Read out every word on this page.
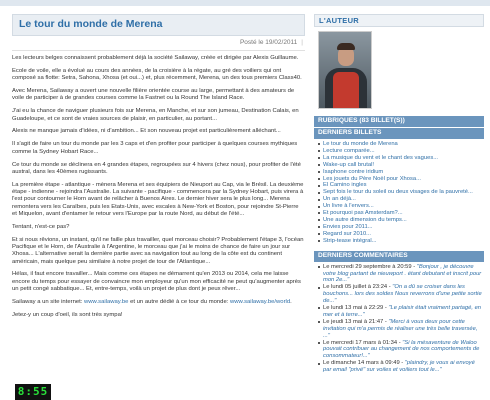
Le tour du monde de Merena
Posté le 19/02/2011 |

Les lecteurs belges connaissent probablement déjà la société Sailaway, créée et dirigée par Alexis Guillaume.

Ecole de voile, elle a évolué au cours des années, de la croisière à la régate, au gré des voiliers qui ont composé sa flotte: Setra, Sahona, Xhosa (et oui...) et, plus récemment, Merena, un des tous premiers Class40.

Avec Merena, Sailaway a ouvert une nouvelle filière orientée course au large, permettant à des amateurs de voile de participer à de grandes courses comme la Fastnet ou la Round The Island Race.

J'ai eu la chance de naviguer plusieurs fois sur Merena, en Manche, et sur son jumeau, Destination Calais, en Guadeloupe, et ce sont de vraies sources de plaisir, en particulier, au portant...

Alexis ne manque jamais d'idées, ni d'ambition... Et son nouveau projet est particulièrement alléchant...

Il s'agit de faire un tour du monde par les 3 caps et d'en profiter pour participer à quelques courses mythiques comme la Sydney Hobart Race...

Ce tour du monde se déclinera en 4 grandes étapes, regroupées sur 4 hivers (chez nous), pour profiter de l'été austral, dans les 40èmes rugissants.

La première étape - atlantique - mènera Merena et ses équipiers de Nieuport au Cap, via le Brésil. La deuxième étape - indienne - rejoindra l'Australie. La suivante - pacifique - commencera par la Sydney Hobart, puis virera à l'est pour contourner le Horn avant de relâcher à Buenos Aires. Le dernier hiver sera le plus long... Merena remontera vers les Caraïbes, puis les Etats-Unis, avec escales à New-York et Boston, pour rejoindre St-Pierre et Miquelon, avant d'entamer le retour vers l'Europe par la route Nord, au début de l'été...

Tentant, n'est-ce pas?

Et si nous rêvions, un instant, qu'il ne faille plus travailler, quel morceau choisir? Probablement l'étape 3, l'océan Pacifique et le Horn, de l'Australie à l'Argentine, le morceau que j'ai le moins de chance de faire un jour sur Xhosa... L'alternative serait la dernière partie avec sa navigation tout au long de la côte est du continent américain, mais quelque peu similaire à notre projet de tour de l'Atlantique...

Hélas, il faut encore travailler... Mais comme ces étapes ne démarrent qu'en 2013 ou 2014, cela me laisse encore du temps pour essayer de convaincre mon employeur qu'un mon efficacité ne peut qu'augmenter après un petit congé sabbatique... Et, entre-temps, voilà un projet de plus dont je peux rêver...

Sailaway a un site internet: www.sailaway.be et un autre dédié à ce tour du monde: www.sailaway.be/world.

Jetez-y un coup d'oeil, ils sont très sympa!

8:55
L'AUTEUR
RUBRIQUES (83 BILLET(S))
DERNIERS BILLETS
Le tour du monde de Merena
Lecture comparée...
La musique du vent et le chant des vagues...
Wake-up call brutal!
Isaphone contre iridium
Les jouets du Père Noël pour Xhosa...
El Camino ingles
Sept fois le tour du soleil ou deux visages de la pauvreté...
Un an déjà...
Un livre à l'envers...
Et pourquoi pas Amsterdam?...
Une autre dimension du temps...
Envies pour 2011...
Regard sur 2010...
Strip-tease intégral...
DERNIERS COMMENTAIRES
Le mercredi 29 septembre à 20:59 - "Bonjour , je découvre votre blog partant de nieuwport . étant debutant et inscrit pour mon 2e..."
Le lundi 05 juillet à 23:24 - "On a dû se croiser dans les bouchons... lors des soldes Nous reverrons d'une petite sortie de..."
Le lundi 13 mai à 22:29 - "Le plaisir était vraiment partagé, en mer et à terre..."
Le jeudi 13 mai à 21:47 - "Merci à vous deux pour cette invitation qui m'a permis de réaliser une très belle traversée, ..."
Le mercredi 17 mars à 01:34 - "Si la mésaventure de Waloo pouvait contribuer au changement de nos comportements de consommateur!..."
Le dimanche 14 mars à 09:49 - "plaindry, je vous ai envoyé par email "privé" sur voiles et voiliers tout le..."
